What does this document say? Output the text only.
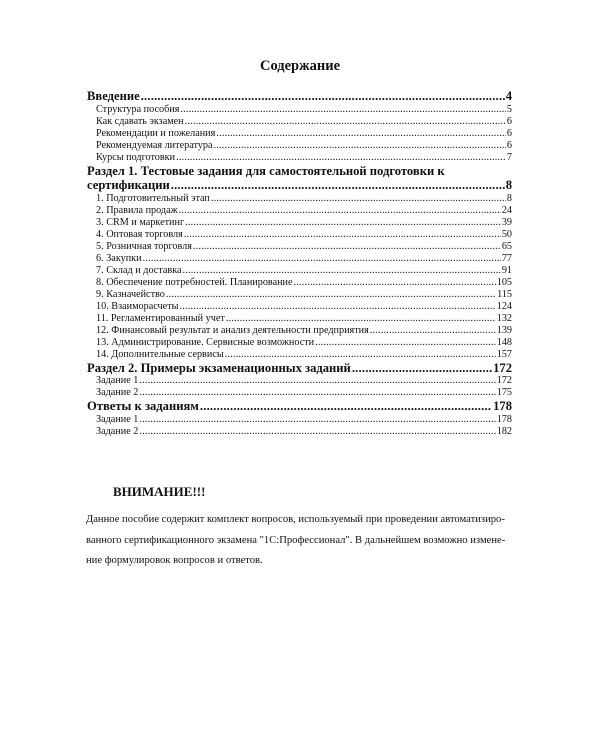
Содержание
Введение .....	4
Структура пособия .....	5
Как сдавать экзамен .....	6
Рекомендации и пожелания .....	6
Рекомендуемая литература .....	6
Курсы подготовки .....	7
Раздел 1. Тестовые задания для самостоятельной подготовки к
сертификации .....	8
1. Подготовительный этап .....	8
2. Правила продаж .....	24
3. CRM и маркетинг .....	39
4. Оптовая торговля .....	50
5. Розничная торговля .....	65
6. Закупки .....	77
7. Склад и доставка .....	91
8. Обеспечение потребностей. Планирование .....	105
9. Казначейство .....	115
10. Взаиморасчеты .....	124
11. Регламентированный учет .....	132
12. Финансовый результат и анализ деятельности предприятия .....	139
13. Администрирование. Сервисные возможности .....	148
14. Дополнительные сервисы .....	157
Раздел 2. Примеры экзаменационных заданий .....	172
Задание 1 .....	172
Задание 2 .....	175
Ответы к заданиям .....	178
Задание 1 .....	178
Задание 2 .....	182
ВНИМАНИЕ!!!
Данное пособие содержит комплект вопросов, используемый при проведении автоматизиро-
ванного сертификационного экзамена "1С:Профессионал". В дальнейшем возможно измене-
ние формулировок вопросов и ответов.
